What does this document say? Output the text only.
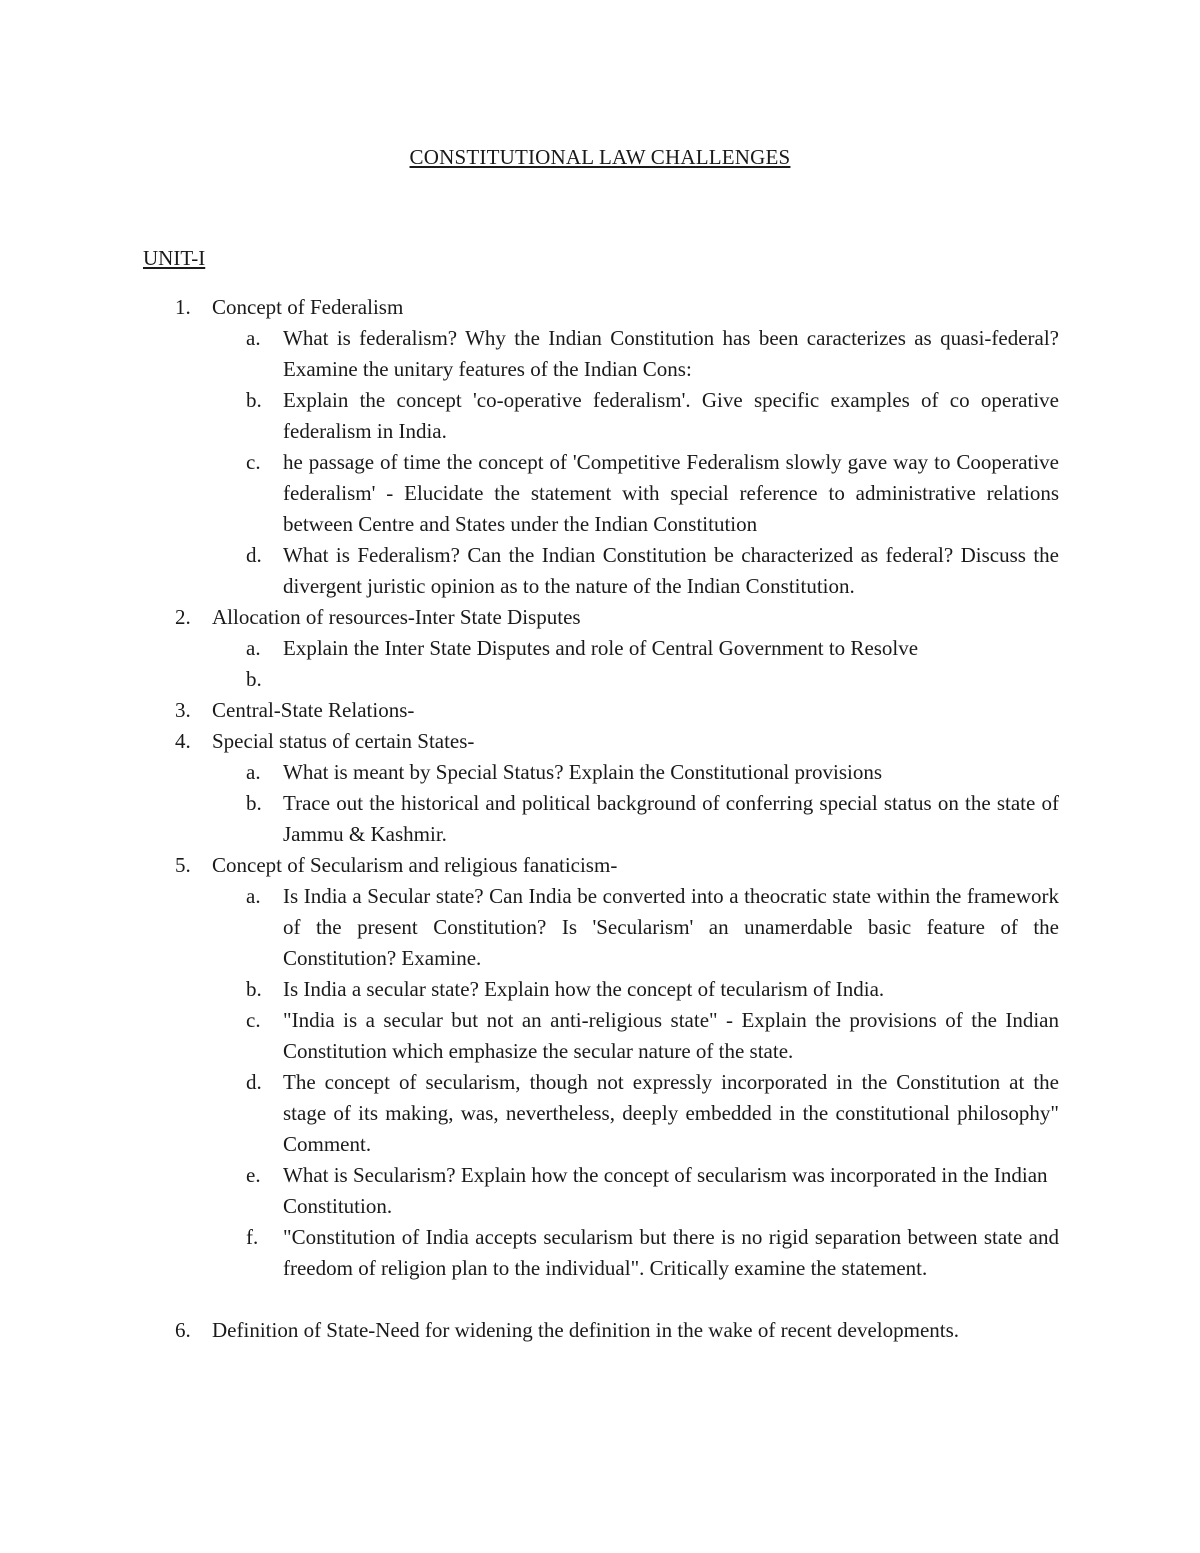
CONSTITUTIONAL LAW CHALLENGES
UNIT-I
1. Concept of Federalism
a.	What is federalism? Why the Indian Constitution has been caracterizes as quasi-federal? Examine the unitary features of the Indian Cons:
b.	Explain the concept 'co-operative federalism'. Give specific examples of co operative federalism in India.
c.	he passage of time the concept of 'Competitive Federalism slowly gave way to Cooperative federalism' - Elucidate the statement with special reference to administrative relations between Centre and States under the Indian Constitution
d.	What is Federalism? Can the Indian Constitution be characterized as federal? Discuss the divergent juristic opinion as to the nature of the Indian Constitution.
2. Allocation of resources-Inter State Disputes
a.	Explain the Inter State Disputes and role of Central Government to Resolve
b.

3. Central-State Relations-
4. Special status of certain States-
a.	What is meant by Special Status? Explain the Constitutional provisions
b.	Trace out the historical and political background of conferring special status on the state of Jammu & Kashmir.
5. Concept of Secularism and religious fanaticism-
a.	Is India a Secular state? Can India be converted into a theocratic state within the framework of the present Constitution? Is 'Secularism' an unamerdable basic feature of the Constitution? Examine.
b.	Is India a secular state? Explain how the concept of tecularism of India.
c.	"India is a secular but not an anti-religious state" - Explain the provisions of the Indian Constitution which emphasize the secular nature of the state.
d.	The concept of secularism, though not expressly incorporated in the Constitution at the stage of its making, was, nevertheless, deeply embedded in the constitutional philosophy" Comment.
e.	What is Secularism? Explain how the concept of secularism was incorporated in the Indian Constitution.
f.	"Constitution of India accepts secularism but there is no rigid separation between state and freedom of religion plan to the individual". Critically examine the statement.
6. Definition of State-Need for widening the definition in the wake of recent developments.
